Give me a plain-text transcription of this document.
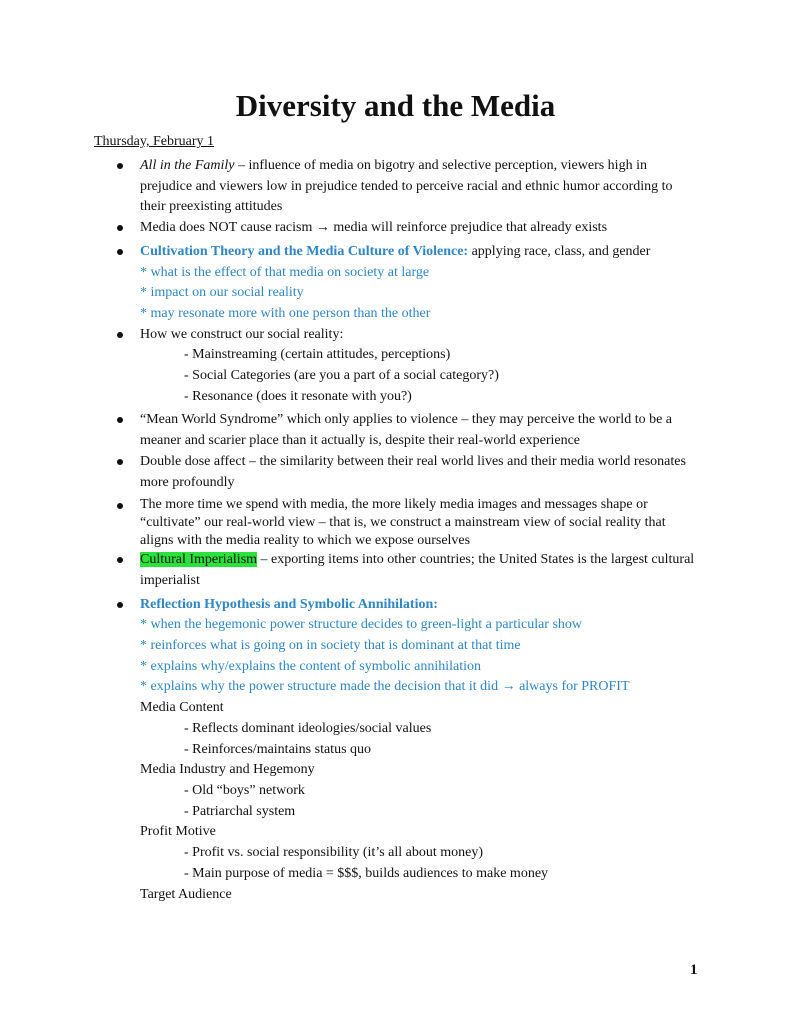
Diversity and the Media
Thursday, February 1
All in the Family – influence of media on bigotry and selective perception, viewers high in prejudice and viewers low in prejudice tended to perceive racial and ethnic humor according to their preexisting attitudes
Media does NOT cause racism → media will reinforce prejudice that already exists
Cultivation Theory and the Media Culture of Violence: applying race, class, and gender
* what is the effect of that media on society at large
* impact on our social reality
* may resonate more with one person than the other
How we construct our social reality:
- Mainstreaming (certain attitudes, perceptions)
- Social Categories (are you a part of a social category?)
- Resonance (does it resonate with you?)
“Mean World Syndrome” which only applies to violence – they may perceive the world to be a meaner and scarier place than it actually is, despite their real-world experience
Double dose affect – the similarity between their real world lives and their media world resonates more profoundly
The more time we spend with media, the more likely media images and messages shape or “cultivate” our real-world view – that is, we construct a mainstream view of social reality that aligns with the media reality to which we expose ourselves
Cultural Imperialism – exporting items into other countries; the United States is the largest cultural imperialist
Reflection Hypothesis and Symbolic Annihilation:
* when the hegemonic power structure decides to green-light a particular show
* reinforces what is going on in society that is dominant at that time
* explains why/explains the content of symbolic annihilation
* explains why the power structure made the decision that it did → always for PROFIT
Media Content
- Reflects dominant ideologies/social values
- Reinforces/maintains status quo
Media Industry and Hegemony
- Old “boys” network
- Patriarchal system
Profit Motive
- Profit vs. social responsibility (it’s all about money)
- Main purpose of media = $$$, builds audiences to make money
Target Audience
1
